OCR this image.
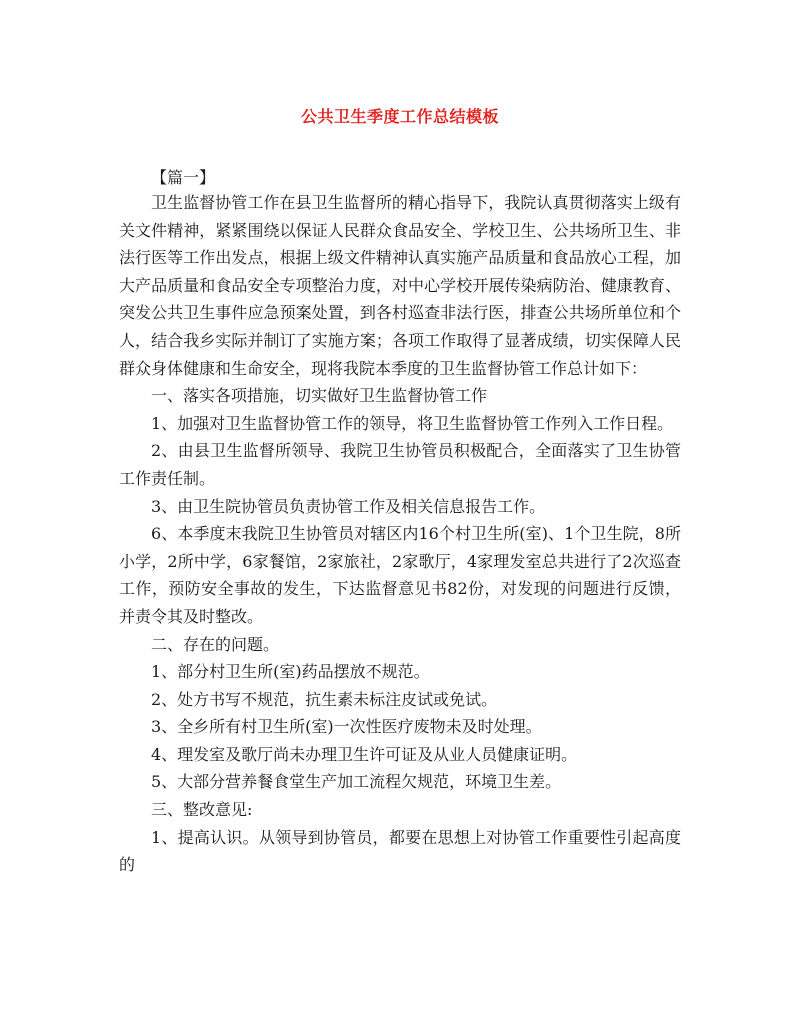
公共卫生季度工作总结模板
【篇一】

卫生监督协管工作在县卫生监督所的精心指导下，我院认真贯彻落实上级有关文件精神，紧紧围绕以保证人民群众食品安全、学校卫生、公共场所卫生、非法行医等工作出发点，根据上级文件精神认真实施产品质量和食品放心工程，加大产品质量和食品安全专项整治力度，对中心学校开展传染病防治、健康教育、突发公共卫生事件应急预案处置，到各村巡查非法行医，排查公共场所单位和个人，结合我乡实际并制订了实施方案；各项工作取得了显著成绩，切实保障人民群众身体健康和生命安全，现将我院本季度的卫生监督协管工作总计如下：

一、落实各项措施，切实做好卫生监督协管工作

1、加强对卫生监督协管工作的领导，将卫生监督协管工作列入工作日程。

2、由县卫生监督所领导、我院卫生协管员积极配合，全面落实了卫生协管工作责任制。

3、由卫生院协管员负责协管工作及相关信息报告工作。

6、本季度末我院卫生协管员对辖区内16个村卫生所(室)、1个卫生院，8所小学，2所中学，6家餐馆，2家旅社，2家歌厅，4家理发室总共进行了2次巡查工作，预防安全事故的发生，下达监督意见书82份，对发现的问题进行反馈，并责令其及时整改。

二、存在的问题。

1、部分村卫生所(室)药品摆放不规范。

2、处方书写不规范，抗生素未标注皮试或免试。

3、全乡所有村卫生所(室)一次性医疗废物未及时处理。

4、理发室及歌厅尚未办理卫生许可证及从业人员健康证明。

5、大部分营养餐食堂生产加工流程欠规范，环境卫生差。

三、整改意见:

1、提高认识。从领导到协管员，都要在思想上对协管工作重要性引起高度的
